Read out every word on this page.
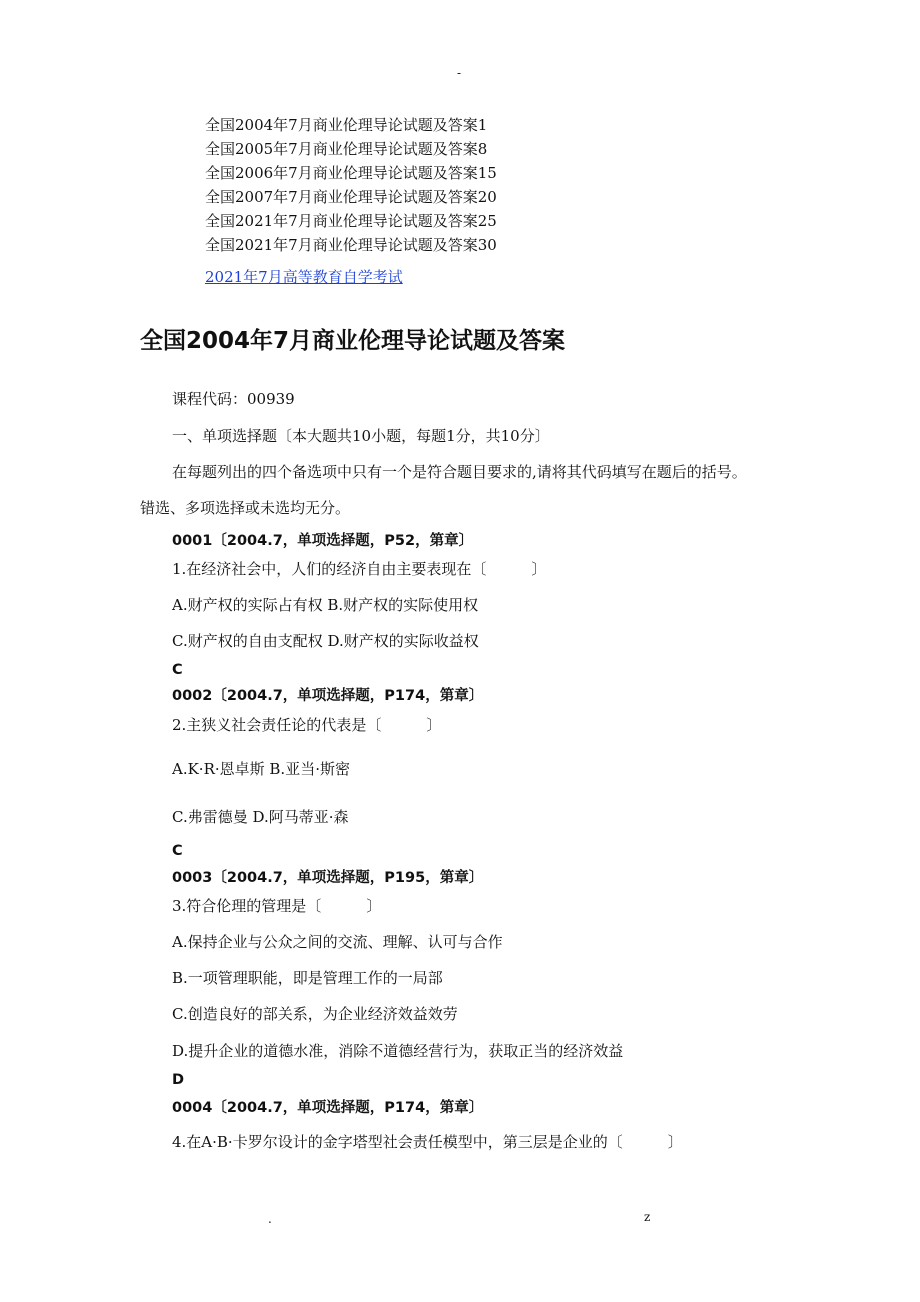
-
全国2004年7月商业伦理导论试题及答案1
全国2005年7月商业伦理导论试题及答案8
全国2006年7月商业伦理导论试题及答案15
全国2007年7月商业伦理导论试题及答案20
全国2021年7月商业伦理导论试题及答案25
全国2021年7月商业伦理导论试题及答案30
2021年7月高等教育自学考试
全国2004年7月商业伦理导论试题及答案
课程代码：00939
一、单项选择题〔本大题共10小题，每题1分，共10分〕
在每题列出的四个备选项中只有一个是符合题目要求的,请将其代码填写在题后的括号。
错选、多项选择或未选均无分。
0001〔2004.7，单项选择题，P52，第章〕
1.在经济社会中，人们的经济自由主要表现在〔　　　〕
A.财产权的实际占有权 B.财产权的实际使用权
C.财产权的自由支配权 D.财产权的实际收益权
C
0002〔2004.7，单项选择题，P174，第章〕
2.主狭义社会责任论的代表是〔　　　〕
A.K·R·恩卓斯 B.亚当·斯密
C.弗雷德曼 D.阿马蒂亚·森
C
0003〔2004.7，单项选择题，P195，第章〕
3.符合伦理的管理是〔　　　〕
A.保持企业与公众之间的交流、理解、认可与合作
B.一项管理职能，即是管理工作的一局部
C.创造良好的部关系，为企业经济效益效劳
D.提升企业的道德水准，消除不道德经营行为，获取正当的经济效益
D
0004〔2004.7，单项选择题，P174，第章〕
4.在A·B·卡罗尔设计的金字塔型社会责任模型中，第三层是企业的〔　　　〕
.	z
